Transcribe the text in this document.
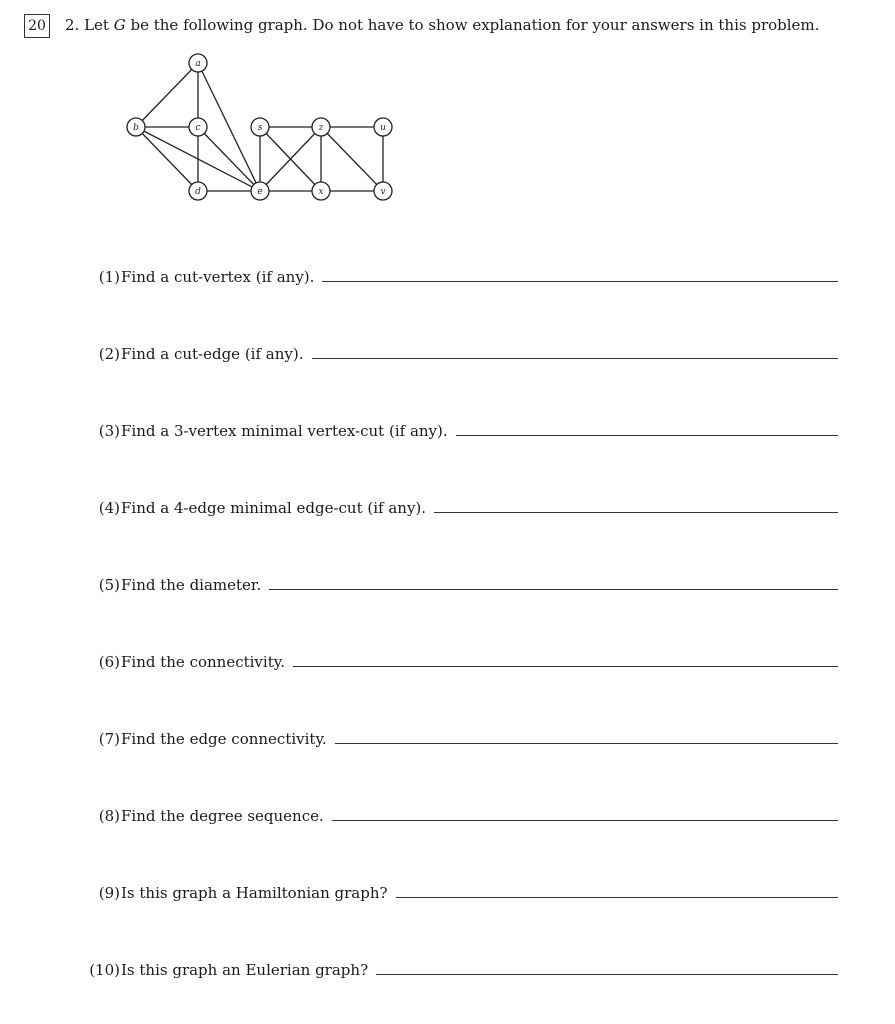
20 2. Let G be the following graph. Do not have to show explanation for your answers in this problem.
a
b	c	s	z	u
d	e	x	v
(1) Find a cut-vertex (if any).
(2) Find a cut-edge (if any).
(3) Find a 3-vertex minimal vertex-cut (if any).
(4) Find a 4-edge minimal edge-cut (if any).
(5) Find the diameter.
(6) Find the connectivity.
(7) Find the edge connectivity.
(8) Find the degree sequence.
(9) Is this graph a Hamiltonian graph?
(10) Is this graph an Eulerian graph?
